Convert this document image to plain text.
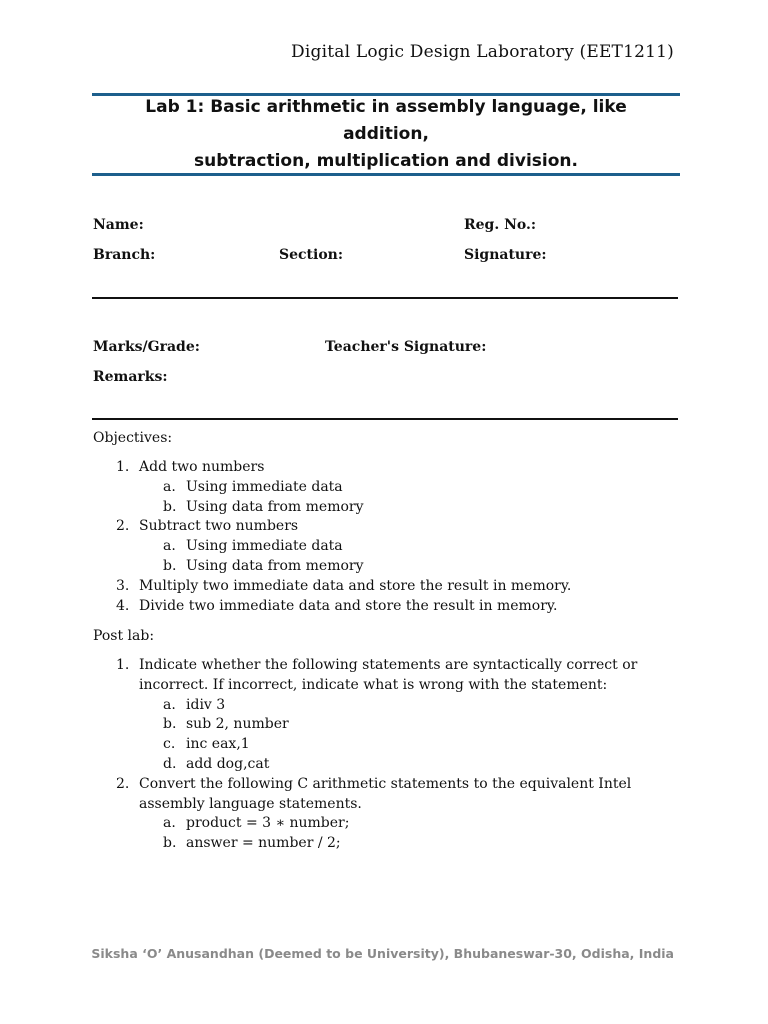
Digital Logic Design Laboratory (EET1211)
Lab 1: Basic arithmetic in assembly language, like addition,
subtraction, multiplication and division.
Name:	Reg. No.:
Branch:	Section:	Signature:
Marks/Grade:	Teacher's Signature:
Remarks:
Objectives:
1. Add two numbers
a. Using immediate data
b. Using data from memory
2. Subtract two numbers
a. Using immediate data
b. Using data from memory
3. Multiply two immediate data and store the result in memory.
4. Divide two immediate data and store the result in memory.
Post lab:
1. Indicate whether the following statements are syntactically correct or incorrect. If incorrect, indicate what is wrong with the statement:
a. idiv 3
b. sub 2, number
c. inc eax,1
d. add dog,cat
2. Convert the following C arithmetic statements to the equivalent Intel assembly language statements.
a. product = 3 ∗ number;
b. answer = number / 2;
Siksha ‘O’ Anusandhan (Deemed to be University), Bhubaneswar-30, Odisha, India
